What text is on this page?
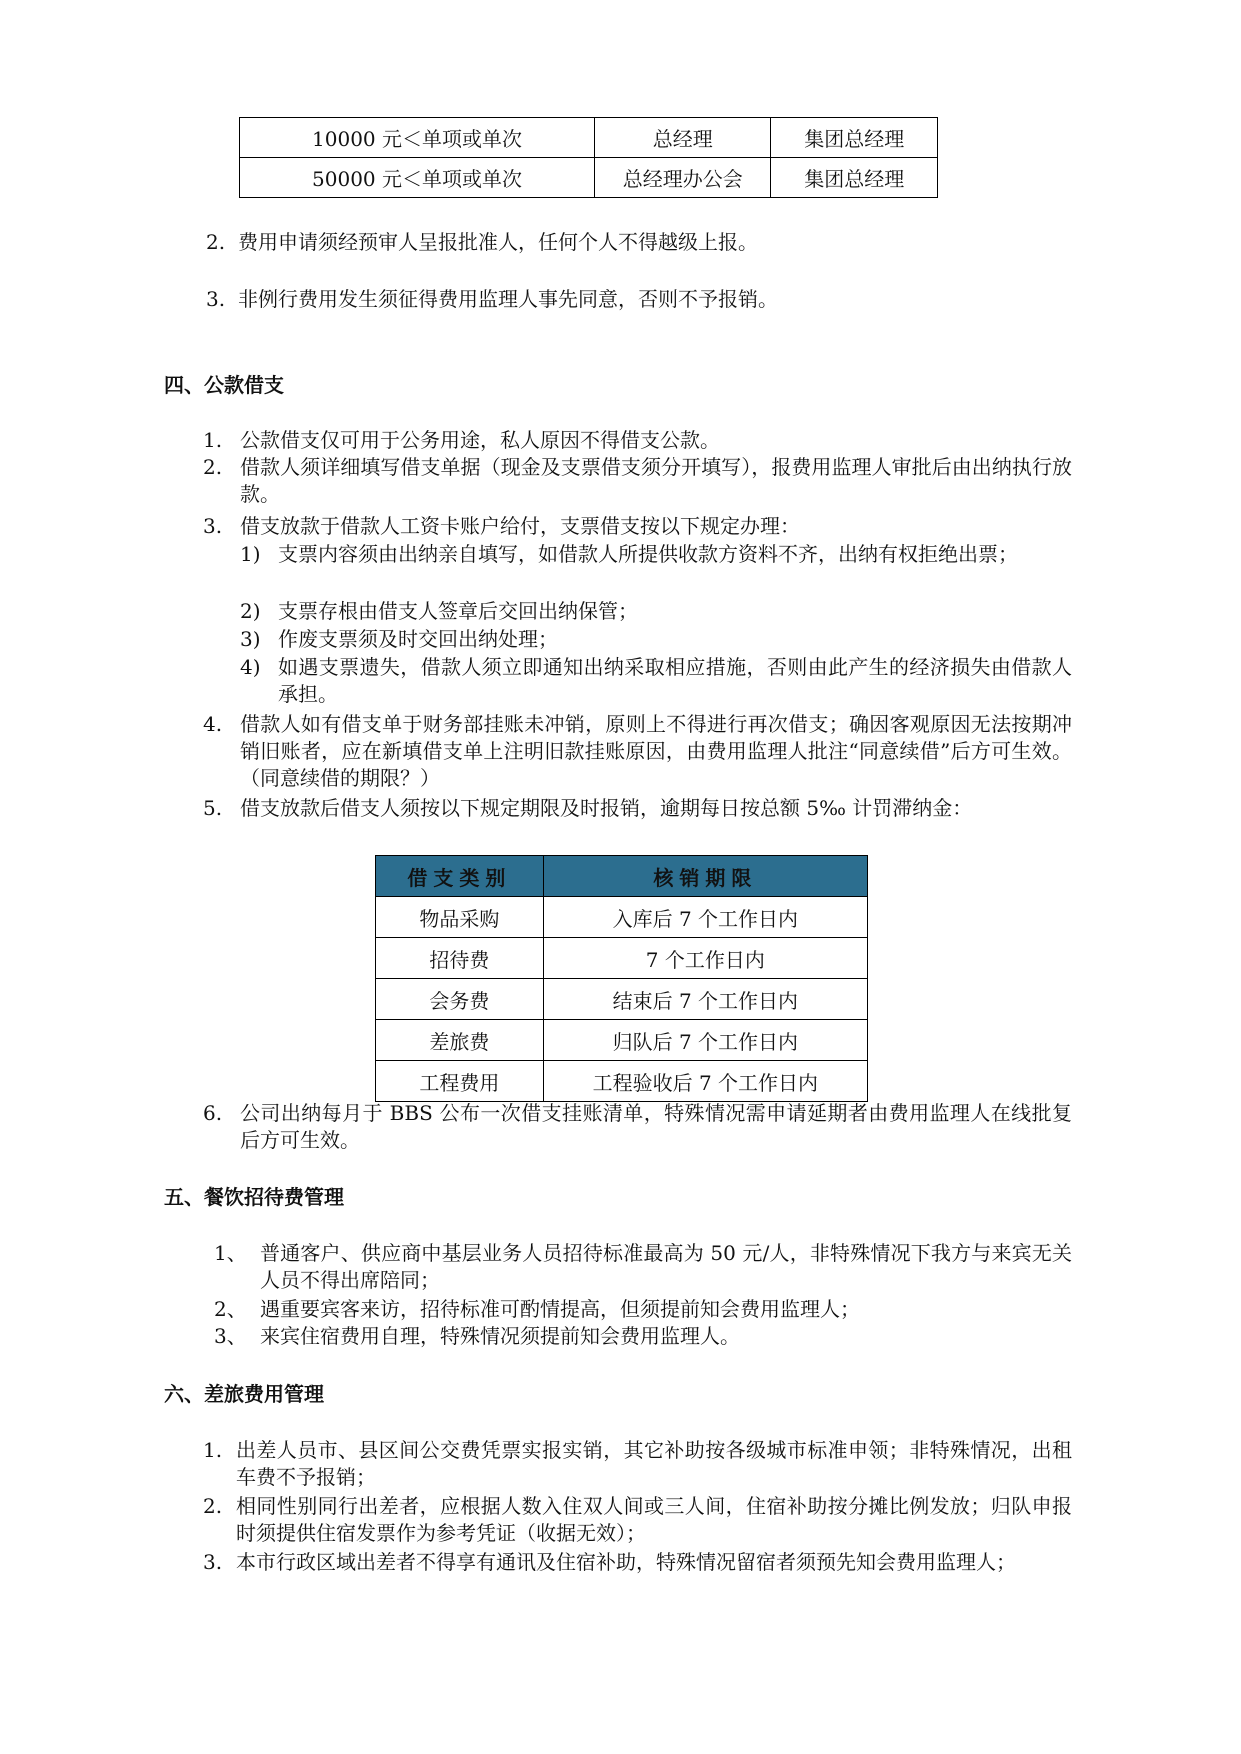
10000 元＜单项或单次	总经理	集团总经理
50000 元＜单项或单次	总经理办公会	集团总经理
2. 费用申请须经预审人呈报批准人，任何个人不得越级上报。
3. 非例行费用发生须征得费用监理人事先同意，否则不予报销。
四、公款借支
1. 公款借支仅可用于公务用途，私人原因不得借支公款。
2. 借款人须详细填写借支单据（现金及支票借支须分开填写），报费用监理人审批后由出纳执行放款。
3. 借支放款于借款人工资卡账户给付，支票借支按以下规定办理：
1) 支票内容须由出纳亲自填写，如借款人所提供收款方资料不齐，出纳有权拒绝出票；
2) 支票存根由借支人签章后交回出纳保管；
3) 作废支票须及时交回出纳处理；
4) 如遇支票遗失，借款人须立即通知出纳采取相应措施，否则由此产生的经济损失由借款人承担。
4. 借款人如有借支单于财务部挂账未冲销，原则上不得进行再次借支；确因客观原因无法按期冲销旧账者，应在新填借支单上注明旧款挂账原因，由费用监理人批注“同意续借”后方可生效。（同意续借的期限？）
5. 借支放款后借支人须按以下规定期限及时报销，逾期每日按总额 5‰ 计罚滞纳金：
借支类别	核销期限
物品采购	入库后 7 个工作日内
招待费	7 个工作日内
会务费	结束后 7 个工作日内
差旅费	归队后 7 个工作日内
工程费用	工程验收后 7 个工作日内
6. 公司出纳每月于 BBS 公布一次借支挂账清单，特殊情况需申请延期者由费用监理人在线批复后方可生效。
五、餐饮招待费管理
1、 普通客户、供应商中基层业务人员招待标准最高为 50 元/人，非特殊情况下我方与来宾无关人员不得出席陪同；
2、 遇重要宾客来访，招待标准可酌情提高，但须提前知会费用监理人；
3、 来宾住宿费用自理，特殊情况须提前知会费用监理人。
六、差旅费用管理
1. 出差人员市、县区间公交费凭票实报实销，其它补助按各级城市标准申领；非特殊情况，出租车费不予报销；
2. 相同性别同行出差者，应根据人数入住双人间或三人间，住宿补助按分摊比例发放；归队申报时须提供住宿发票作为参考凭证（收据无效）；
3. 本市行政区域出差者不得享有通讯及住宿补助，特殊情况留宿者须预先知会费用监理人；
